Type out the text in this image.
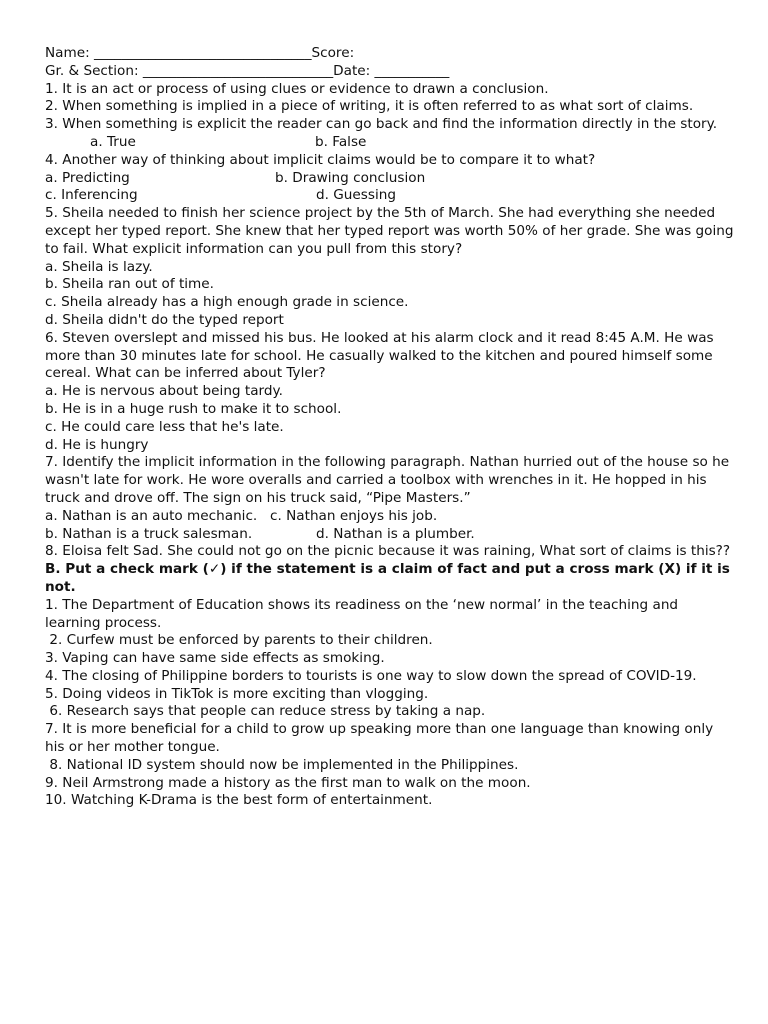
Name: ________________________________Score:

Gr. & Section: ____________________________Date: ___________

1. It is an act or process of using clues or evidence to drawn a conclusion.

2. When something is implied in a piece of writing, it is often referred to as what sort of claims.

3. When something is explicit the reader can go back and find the information directly in the story.

a. True	b. False

4. Another way of thinking about implicit claims would be to compare it to what?

a. Predicting	b. Drawing conclusion
c. Inferencing	d. Guessing

5. Sheila needed to finish her science project by the 5th of March. She had everything she needed except her typed report. She knew that her typed report was worth 50% of her grade. She was going to fail. What explicit information can you pull from this story?

a. Sheila is lazy.

b. Sheila ran out of time.

c. Sheila already has a high enough grade in science.

d. Sheila didn't do the typed report

6. Steven overslept and missed his bus. He looked at his alarm clock and it read 8:45 A.M. He was more than 30 minutes late for school. He casually walked to the kitchen and poured himself some cereal. What can be inferred about Tyler?

a. He is nervous about being tardy.

b. He is in a huge rush to make it to school.

c. He could care less that he's late.

d. He is hungry

7. Identify the implicit information in the following paragraph. Nathan hurried out of the house so he wasn't late for work. He wore overalls and carried a toolbox with wrenches in it. He hopped in his truck and drove off. The sign on his truck said, “Pipe Masters.”

a. Nathan is an auto mechanic. c. Nathan enjoys his job.
b. Nathan is a truck salesman.	d. Nathan is a plumber.

8. Eloisa felt Sad. She could not go on the picnic because it was raining, What sort of claims is this??

B. Put a check mark (✓) if the statement is a claim of fact and put a cross mark (X) if it is not.

1. The Department of Education shows its readiness on the ‘new normal’ in the teaching and learning process.

2. Curfew must be enforced by parents to their children.

3. Vaping can have same side effects as smoking.

4. The closing of Philippine borders to tourists is one way to slow down the spread of COVID-19.

5. Doing videos in TikTok is more exciting than vlogging.

6. Research says that people can reduce stress by taking a nap.

7. It is more beneficial for a child to grow up speaking more than one language than knowing only his or her mother tongue.

8. National ID system should now be implemented in the Philippines.

9. Neil Armstrong made a history as the first man to walk on the moon.

10. Watching K-Drama is the best form of entertainment.
